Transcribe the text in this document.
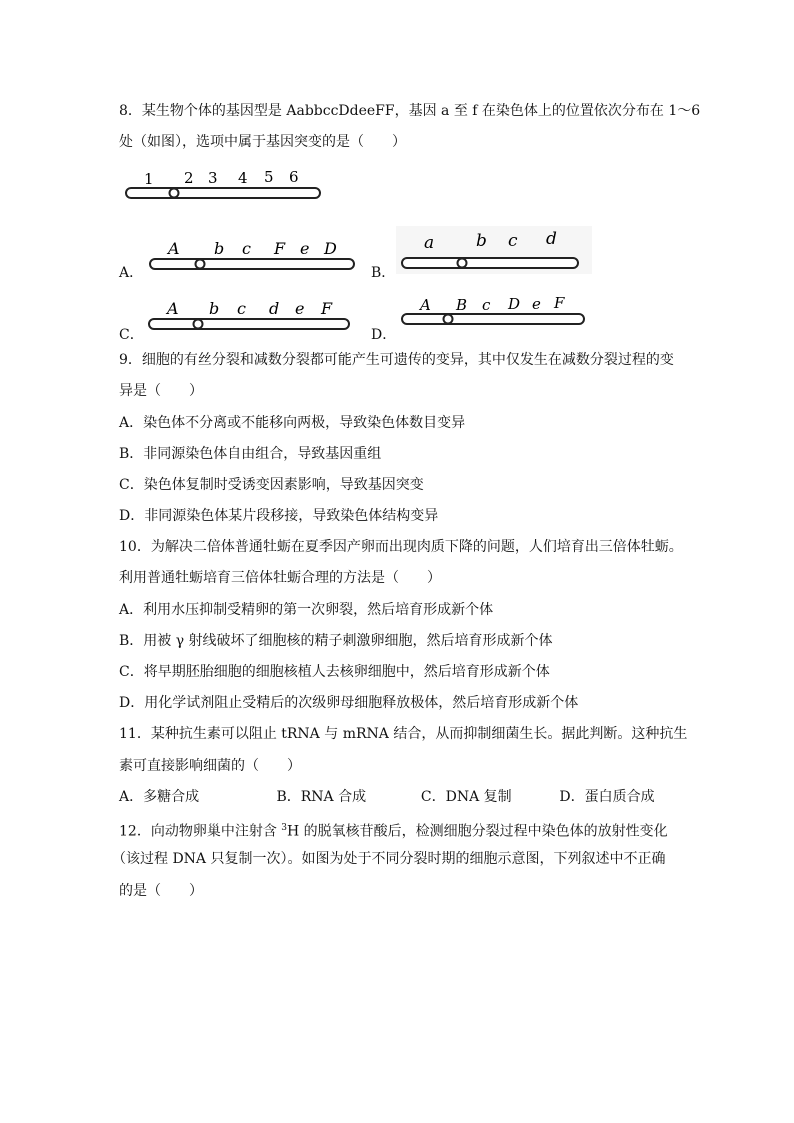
8．某生物个体的基因型是 AabbccDdeeFF，基因 a 至 f 在染色体上的位置依次分布在 1～6
处（如图），选项中属于基因突变的是（　　）
1 2 3 4 5 6
A．
A b c F e D
B．
a b c d
C．
A b c d e F
D．
A B c D e F
9．细胞的有丝分裂和减数分裂都可能产生可遗传的变异，其中仅发生在减数分裂过程的变
异是（　　）
A．染色体不分离或不能移向两极，导致染色体数目变异
B．非同源染色体自由组合，导致基因重组
C．染色体复制时受诱变因素影响，导致基因突变
D．非同源染色体某片段移接，导致染色体结构变异
10．为解决二倍体普通牡蛎在夏季因产卵而出现肉质下降的问题，人们培育出三倍体牡蛎。
利用普通牡蛎培育三倍体牡蛎合理的方法是（　　）
A．利用水压抑制受精卵的第一次卵裂，然后培育形成新个体
B．用被 γ 射线破坏了细胞核的精子刺激卵细胞，然后培育形成新个体
C．将早期胚胎细胞的细胞核植人去核卵细胞中，然后培育形成新个体
D．用化学试剂阻止受精后的次级卵母细胞释放极体，然后培育形成新个体
11．某种抗生素可以阻止 tRNA 与 mRNA 结合，从而抑制细菌生长。据此判断。这种抗生
素可直接影响细菌的（　　）
A．多糖合成	B．RNA 合成	C．DNA 复制	D．蛋白质合成
12．向动物卵巢中注射含 $^3$H 的脱氧核苷酸后，检测细胞分裂过程中染色体的放射性变化
（该过程 DNA 只复制一次）。如图为处于不同分裂时期的细胞示意图，下列叙述中不正确
的是（　　）
